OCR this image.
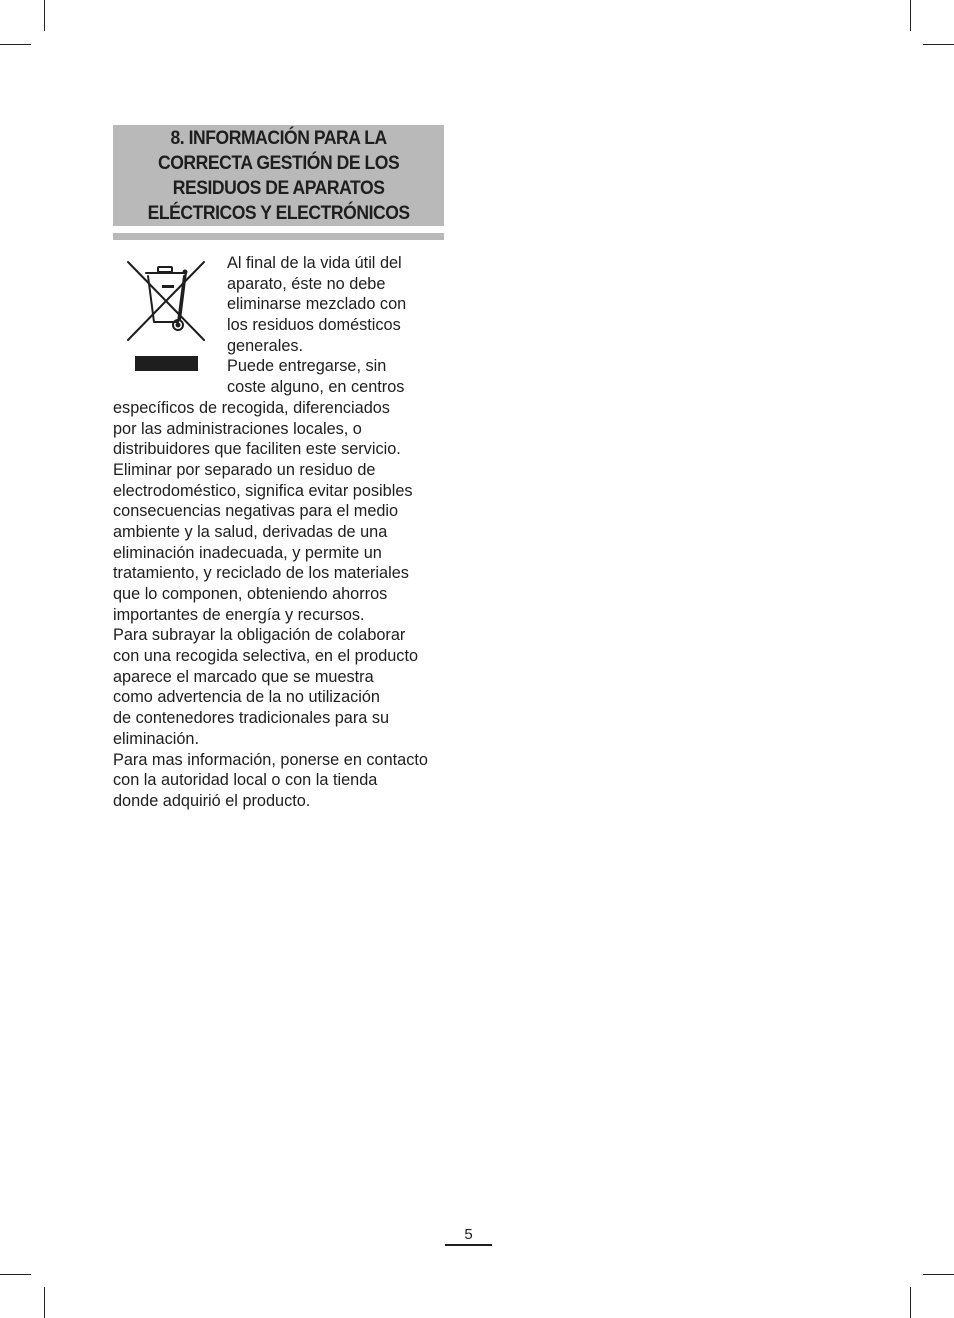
8. INFORMACIÓN PARA LA
CORRECTA GESTIÓN DE LOS
RESIDUOS DE APARATOS
ELÉCTRICOS Y ELECTRÓNICOS
Al final de la vida útil del
aparato, éste no debe
eliminarse mezclado con
los residuos domésticos
generales.
Puede entregarse, sin
coste alguno, en centros
específicos de recogida, diferenciados
por las administraciones locales, o
distribuidores que faciliten este servicio.
Eliminar por separado un residuo de
electrodoméstico, significa evitar posibles
consecuencias negativas para el medio
ambiente y la salud, derivadas de una
eliminación inadecuada, y permite un
tratamiento, y reciclado de los materiales
que lo componen, obteniendo ahorros
importantes de energía y recursos.
Para subrayar la obligación de colaborar
con una recogida selectiva, en el producto
aparece el marcado que se muestra
como advertencia de la no utilización
de contenedores tradicionales para su
eliminación.
Para mas información, ponerse en contacto
con la autoridad local o con la tienda
donde adquirió el producto.
5
